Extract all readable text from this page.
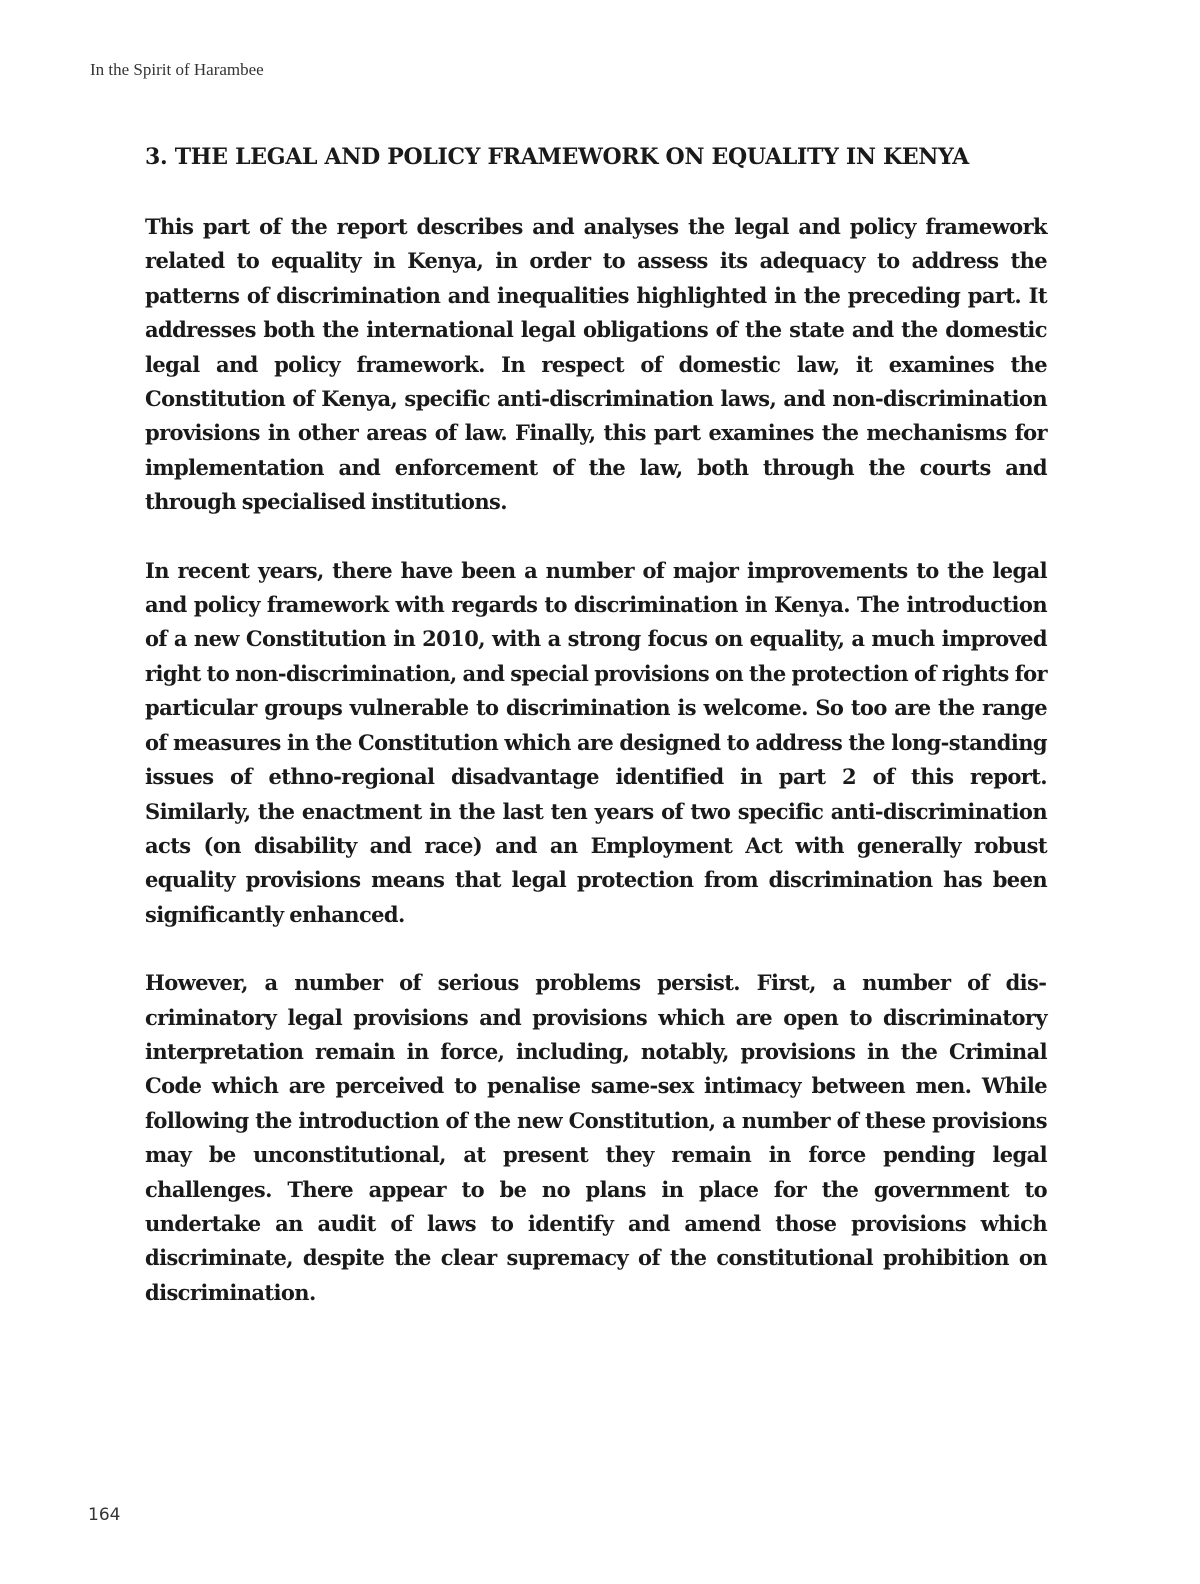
In the Spirit of Harambee
3. THE LEGAL AND POLICY FRAMEWORK ON EQUALITY IN KENYA

This part of the report describes and analyses the legal and policy framework related to equality in Kenya, in order to assess its adequacy to address the patterns of discrimination and inequalities highlighted in the preceding part. It addresses both the international legal obligations of the state and the domestic legal and policy framework. In respect of domestic law, it examines the Constitution of Kenya, specific anti-discrimination laws, and non-discrimination provisions in other areas of law. Finally, this part examines the mechanisms for implementation and enforcement of the law, both through the courts and through specialised institutions.

In recent years, there have been a number of major improvements to the legal and policy framework with regards to discrimination in Kenya. The introduction of a new Constitution in 2010, with a strong focus on equality, a much improved right to non-discrimination, and special provisions on the protection of rights for particular groups vulnerable to discrimination is welcome. So too are the range of measures in the Constitution which are designed to address the long-standing issues of ethno-regional disadvantage identified in part 2 of this report. Similarly, the enactment in the last ten years of two specific anti-discrimination acts (on disability and race) and an Employment Act with generally robust equality provisions means that legal protection from discrimination has been significantly enhanced.

However, a number of serious problems persist. First, a number of discriminatory legal provisions and provisions which are open to discriminatory interpretation remain in force, including, notably, provisions in the Criminal Code which are perceived to penalise same-sex intimacy between men. While following the introduction of the new Constitution, a number of these provisions may be unconstitutional, at present they remain in force pending legal challenges. There appear to be no plans in place for the government to undertake an audit of laws to identify and amend those provisions which discriminate, despite the clear supremacy of the constitutional prohibition on discrimination.

164
